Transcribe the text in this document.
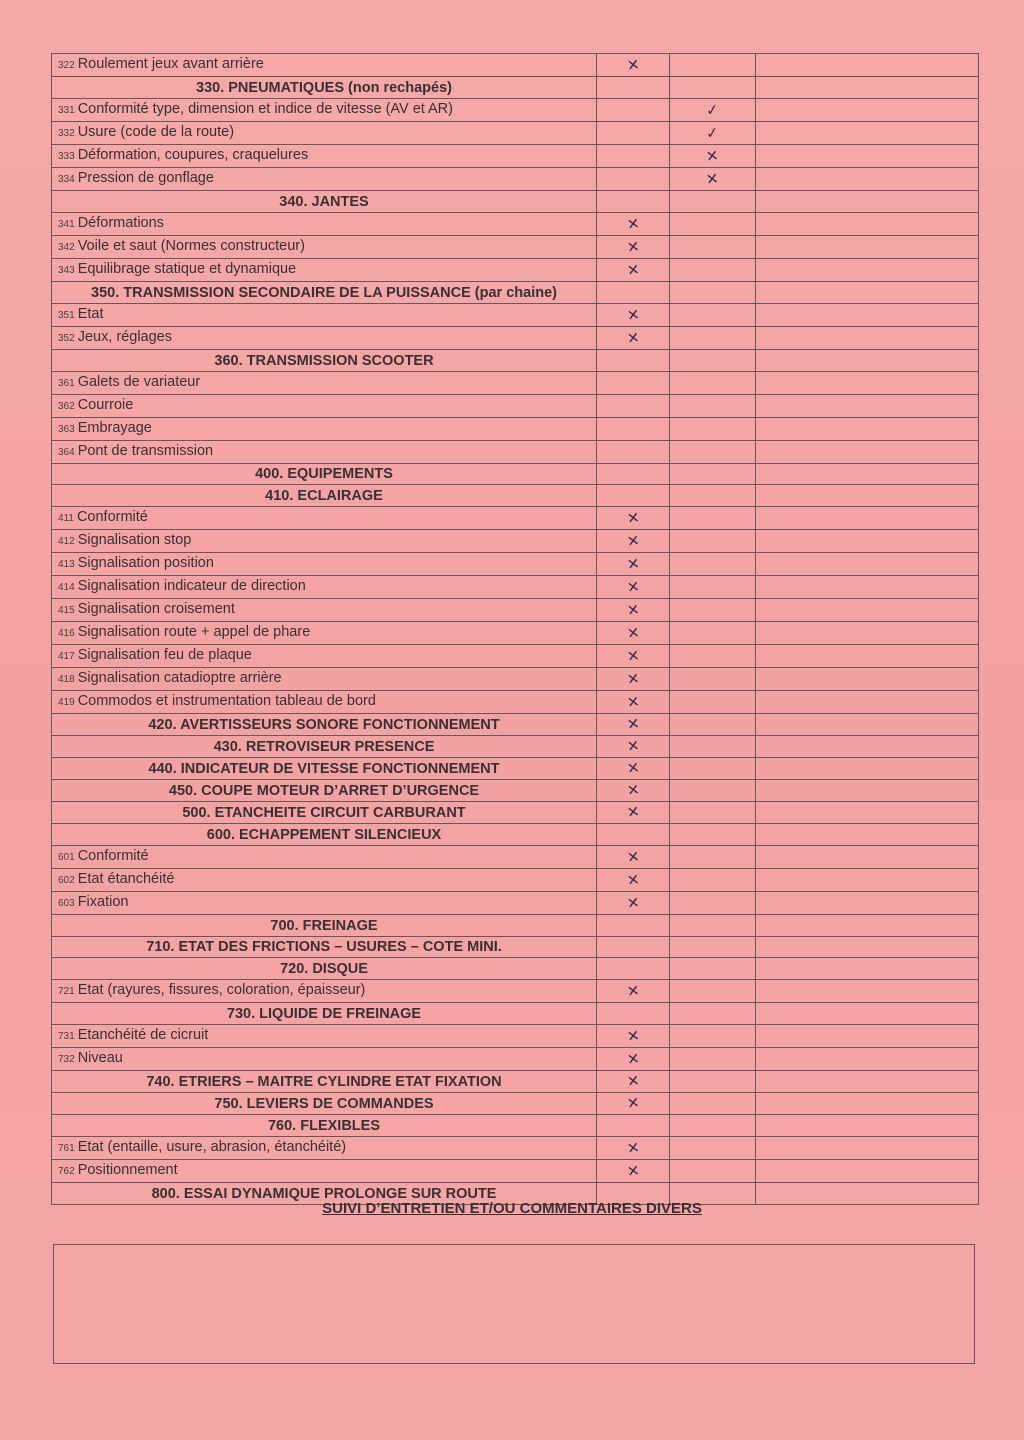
322 Roulement jeux avant arrière	✕		
330. PNEUMATIQUES (non rechapés)			
331 Conformité type, dimension et indice de vitesse (AV et AR)		✓	
332 Usure (code de la route)		✓	
333 Déformation, coupures, craquelures		✕	
334 Pression de gonflage		✕	
340. JANTES			
341 Déformations	✕		
342 Voile et saut (Normes constructeur)	✕		
343 Equilibrage statique et dynamique	✕		
350. TRANSMISSION SECONDAIRE DE LA PUISSANCE (par chaine)			
351 Etat	✕		
352 Jeux, réglages	✕		
360. TRANSMISSION SCOOTER			
361 Galets de variateur			
362 Courroie			
363 Embrayage			
364 Pont de transmission			
400. EQUIPEMENTS			
410. ECLAIRAGE			
411 Conformité	✕		
412 Signalisation stop	✕		
413 Signalisation position	✕		
414 Signalisation indicateur de direction	✕		
415 Signalisation croisement	✕		
416 Signalisation route + appel de phare	✕		
417 Signalisation feu de plaque	✕		
418 Signalisation catadioptre arrière	✕		
419 Commodos et instrumentation tableau de bord	✕		
420. AVERTISSEURS SONORE FONCTIONNEMENT	✕		
430. RETROVISEUR PRESENCE	✕		
440. INDICATEUR DE VITESSE FONCTIONNEMENT	✕		
450. COUPE MOTEUR D’ARRET D’URGENCE	✕		
500. ETANCHEITE CIRCUIT CARBURANT	✕		
600. ECHAPPEMENT SILENCIEUX			
601 Conformité	✕		
602 Etat étanchéité	✕		
603 Fixation	✕		
700. FREINAGE			
710. ETAT DES FRICTIONS – USURES – COTE MINI.			
720. DISQUE			
721 Etat (rayures, fissures, coloration, épaisseur)	✕		
730. LIQUIDE DE FREINAGE			
731 Etanchéité de cicruit	✕		
732 Niveau	✕		
740. ETRIERS – MAITRE CYLINDRE ETAT FIXATION	✕		
750. LEVIERS DE COMMANDES	✕		
760. FLEXIBLES			
761 Etat (entaille, usure, abrasion, étanchéité)	✕		
762 Positionnement	✕		
800. ESSAI DYNAMIQUE PROLONGE SUR ROUTE			
SUIVI D’ENTRETIEN ET/OU COMMENTAIRES DIVERS
